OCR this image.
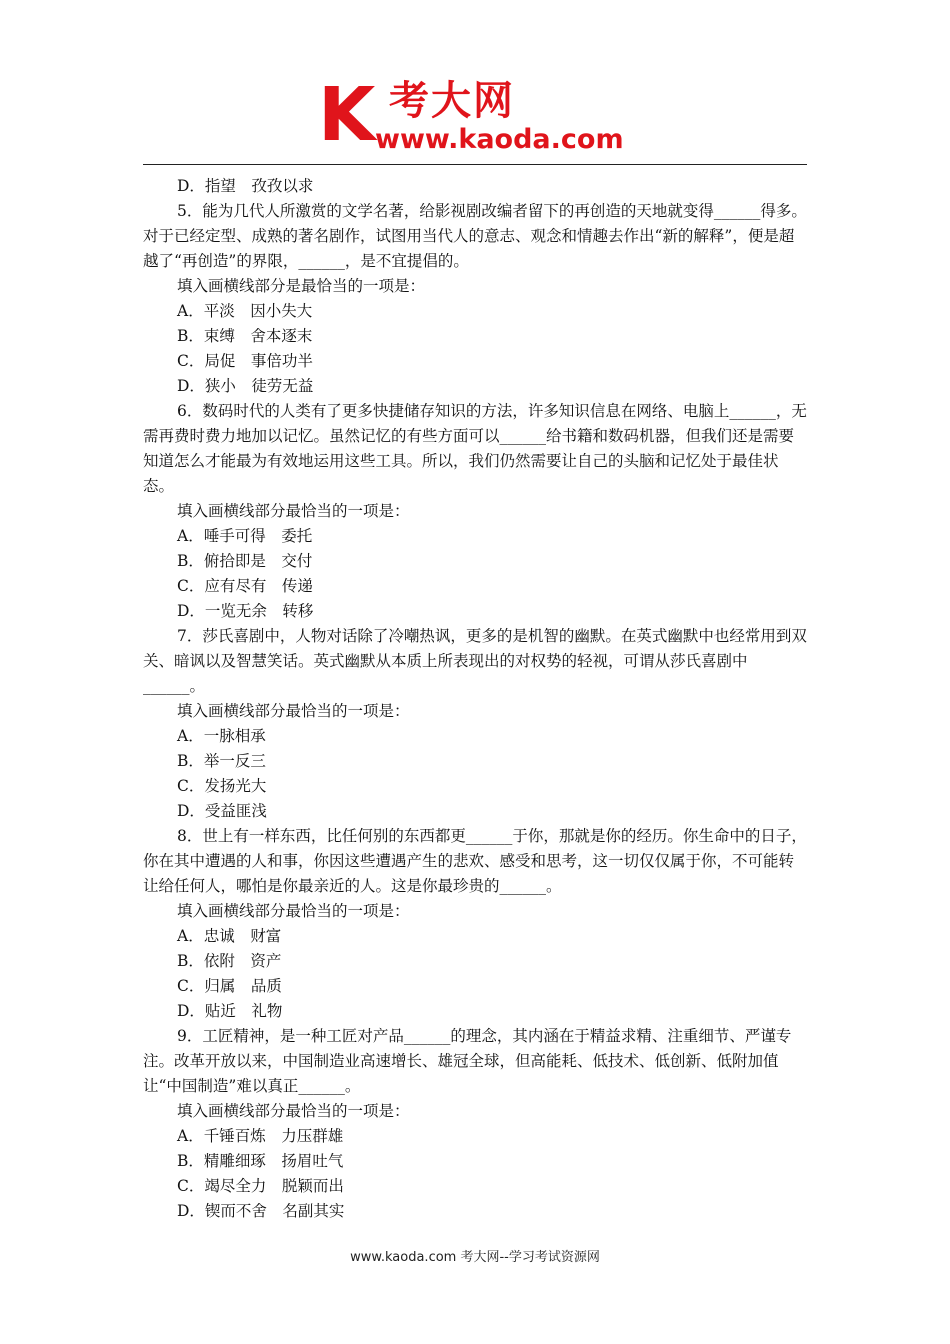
K 考大网
www.kaoda.com

D．指望　孜孜以求

5．能为几代人所激赏的文学名著，给影视剧改编者留下的再创造的天地就变得______得多。对于已经定型、成熟的著名剧作，试图用当代人的意志、观念和情趣去作出“新的解释”，便是超越了“再创造”的界限，______，是不宜提倡的。

填入画横线部分是最恰当的一项是：

A．平淡　因小失大

B．束缚　舍本逐末

C．局促　事倍功半

D．狭小　徒劳无益

6．数码时代的人类有了更多快捷储存知识的方法，许多知识信息在网络、电脑上______，无需再费时费力地加以记忆。虽然记忆的有些方面可以______给书籍和数码机器，但我们还是需要知道怎么才能最为有效地运用这些工具。所以，我们仍然需要让自己的头脑和记忆处于最佳状态。

填入画横线部分最恰当的一项是：

A．唾手可得　委托

B．俯拾即是　交付

C．应有尽有　传递

D．一览无余　转移

7．莎氏喜剧中，人物对话除了冷嘲热讽，更多的是机智的幽默。在英式幽默中也经常用到双关、暗讽以及智慧笑话。英式幽默从本质上所表现出的对权势的轻视，可谓从莎氏喜剧中______。

填入画横线部分最恰当的一项是：

A．一脉相承

B．举一反三

C．发扬光大

D．受益匪浅

8．世上有一样东西，比任何别的东西都更______于你，那就是你的经历。你生命中的日子，你在其中遭遇的人和事，你因这些遭遇产生的悲欢、感受和思考，这一切仅仅属于你，不可能转让给任何人，哪怕是你最亲近的人。这是你最珍贵的______。

填入画横线部分最恰当的一项是：

A．忠诚　财富

B．依附　资产

C．归属　品质

D．贴近　礼物

9．工匠精神，是一种工匠对产品______的理念，其内涵在于精益求精、注重细节、严谨专注。改革开放以来，中国制造业高速增长、雄冠全球，但高能耗、低技术、低创新、低附加值让“中国制造”难以真正______。

填入画横线部分最恰当的一项是：

A．千锤百炼　力压群雄

B．精雕细琢　扬眉吐气

C．竭尽全力　脱颖而出

D．锲而不舍　名副其实

www.kaoda.com 考大网--学习考试资源网
